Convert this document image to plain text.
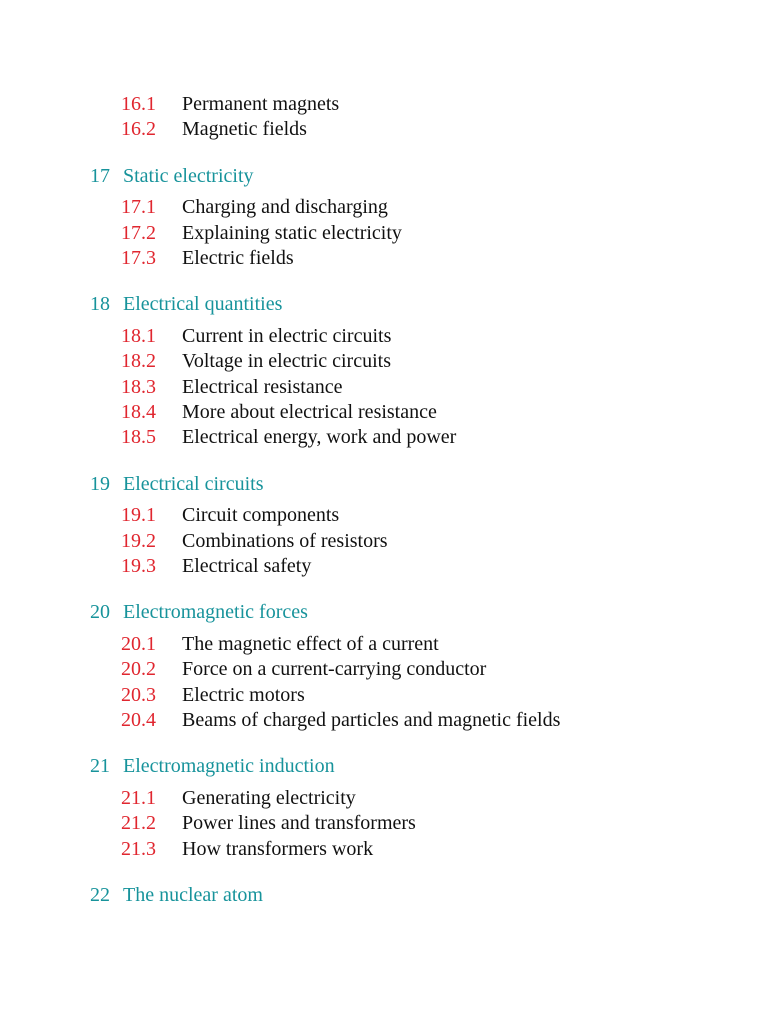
16.1 Permanent magnets
16.2 Magnetic fields
17 Static electricity
17.1 Charging and discharging
17.2 Explaining static electricity
17.3 Electric fields
18 Electrical quantities
18.1 Current in electric circuits
18.2 Voltage in electric circuits
18.3 Electrical resistance
18.4 More about electrical resistance
18.5 Electrical energy, work and power
19 Electrical circuits
19.1 Circuit components
19.2 Combinations of resistors
19.3 Electrical safety
20 Electromagnetic forces
20.1 The magnetic effect of a current
20.2 Force on a current-carrying conductor
20.3 Electric motors
20.4 Beams of charged particles and magnetic fields
21 Electromagnetic induction
21.1 Generating electricity
21.2 Power lines and transformers
21.3 How transformers work
22 The nuclear atom
